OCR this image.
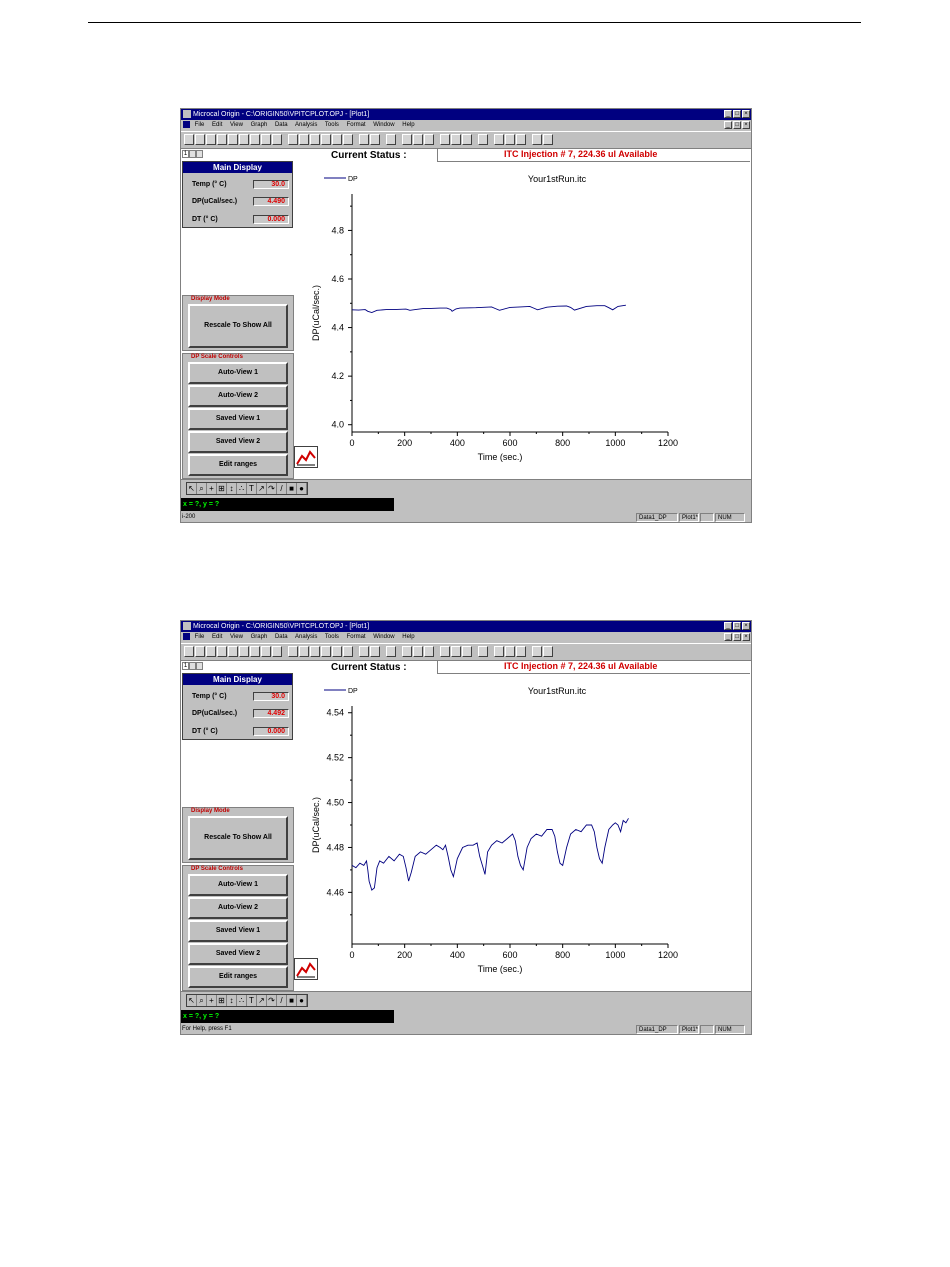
Microcal Origin - C:\ORIGIN50\VPITCPLOT.OPJ - [Plot1]	_ □ ×
File Edit View Graph Data Analysis Tools Format Window Help	_ □ ×
1
Main Display
Temp (° C)	30.0
DP(uCal/sec.)	4.490
DT (° C)	0.000
Display Mode
Rescale To Show All
DP Scale Controls
Auto-View 1
Auto-View 2
Saved View 1
Saved View 2
Edit ranges
Current Status :	ITC Injection # 7, 224.36 ul Available
0	200	400	600	800	1000	1200
4.0
4.2
4.4
4.6
4.8
Time (sec.)
DP(uCal/sec.)
DP	Your1stRun.itc
↖ ⌕ + ⊞ ↕ ∴ T ↗ ↷ / ■ ●
x = ?, y = ?
i-200	Data1_DP	Plot1*	NUM
Microcal Origin - C:\ORIGIN50\VPITCPLOT.OPJ - [Plot1]	_ □ ×
File Edit View Graph Data Analysis Tools Format Window Help	_ □ ×
1
Main Display
Temp (° C)	30.0
DP(uCal/sec.)	4.492
DT (° C)	0.000
Display Mode
Rescale To Show All
DP Scale Controls
Auto-View 1
Auto-View 2
Saved View 1
Saved View 2
Edit ranges
Current Status :	ITC Injection # 7, 224.36 ul Available
0	200	400	600	800	1000	1200
4.46
4.48
4.50
4.52
4.54
Time (sec.)
DP(uCal/sec.)
DP	Your1stRun.itc
↖ ⌕ + ⊞ ↕ ∴ T ↗ ↷ / ■ ●
x = ?, y = ?
For Help, press F1	Data1_DP	Plot1*	NUM
